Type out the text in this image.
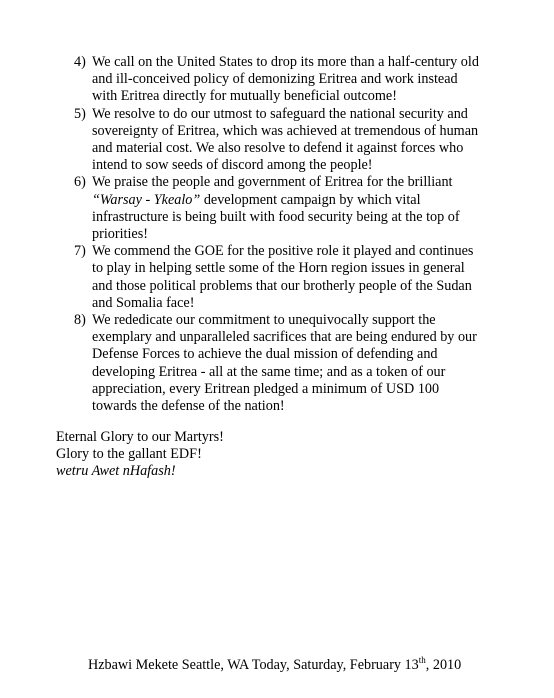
4) We call on the United States to drop its more than a half-century old and ill-conceived policy of demonizing Eritrea and work instead with Eritrea directly for mutually beneficial outcome!
5) We resolve to do our utmost to safeguard the national security and sovereignty of Eritrea, which was achieved at tremendous of human and material cost. We also resolve to defend it against forces who intend to sow seeds of discord among the people!
6) We praise the people and government of Eritrea for the brilliant “Warsay - Ykealo” development campaign by which vital infrastructure is being built with food security being at the top of priorities!
7) We commend the GOE for the positive role it played and continues to play in helping settle some of the Horn region issues in general and those political problems that our brotherly people of the Sudan and Somalia face!
8) We rededicate our commitment to unequivocally support the exemplary and unparalleled sacrifices that are being endured by our Defense Forces to achieve the dual mission of defending and developing Eritrea - all at the same time; and as a token of our appreciation, every Eritrean pledged a minimum of USD 100 towards the defense of the nation!
Eternal Glory to our Martyrs!
Glory to the gallant EDF!
wetru Awet nHafash!
Hzbawi Mekete Seattle, WA Today, Saturday, February 13th, 2010
